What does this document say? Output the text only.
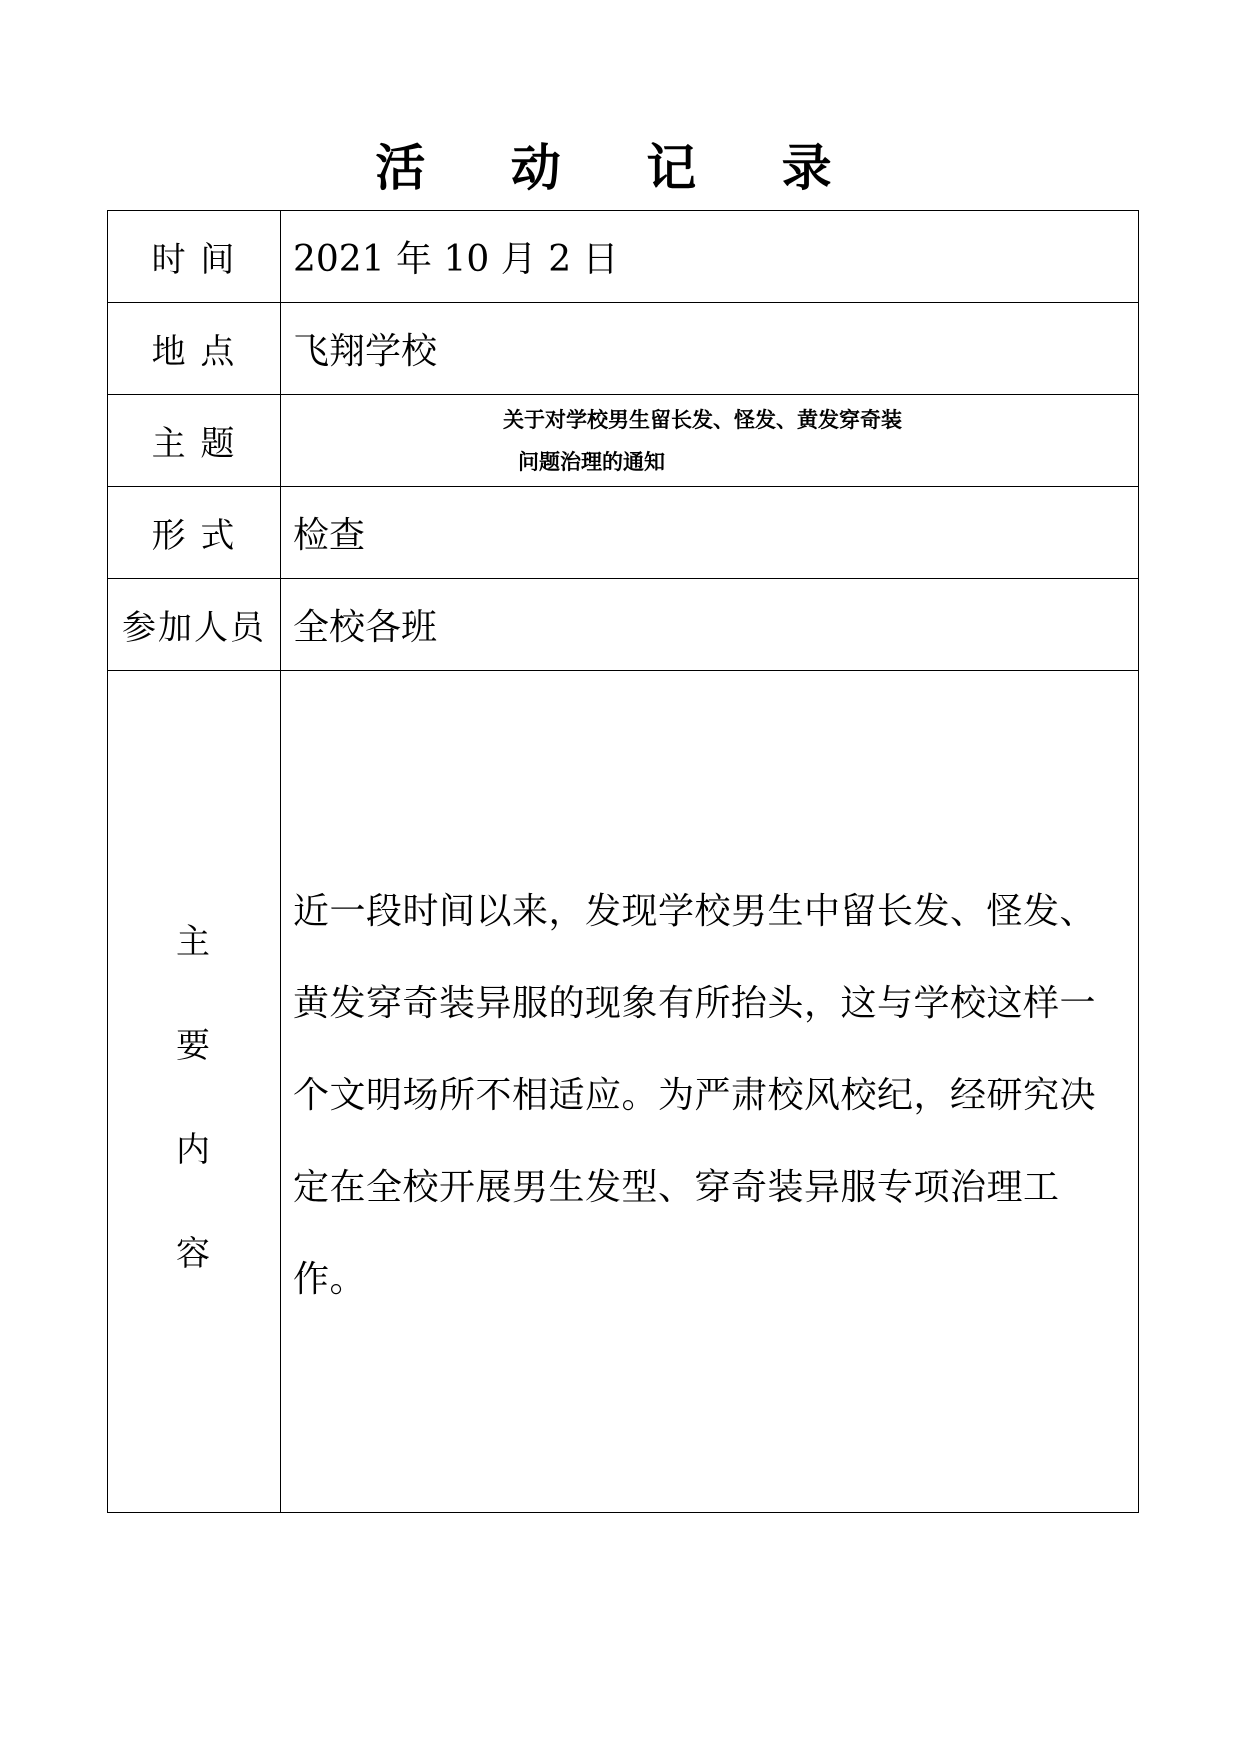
活 动 记 录
时 间	2021 年 10 月 2 日
地 点	飞翔学校
主 题	关于对学校男生留长发、怪发、黄发穿奇装
问题治理的通知

形 式	检查
参加人员	全校各班

主
要
内
容	近一段时间以来，发现学校男生中留长发、怪发、黄发穿奇装异服的现象有所抬头，这与学校这样一个文明场所不相适应。为严肃校风校纪，经研究决定在全校开展男生发型、穿奇装异服专项治理工作。
